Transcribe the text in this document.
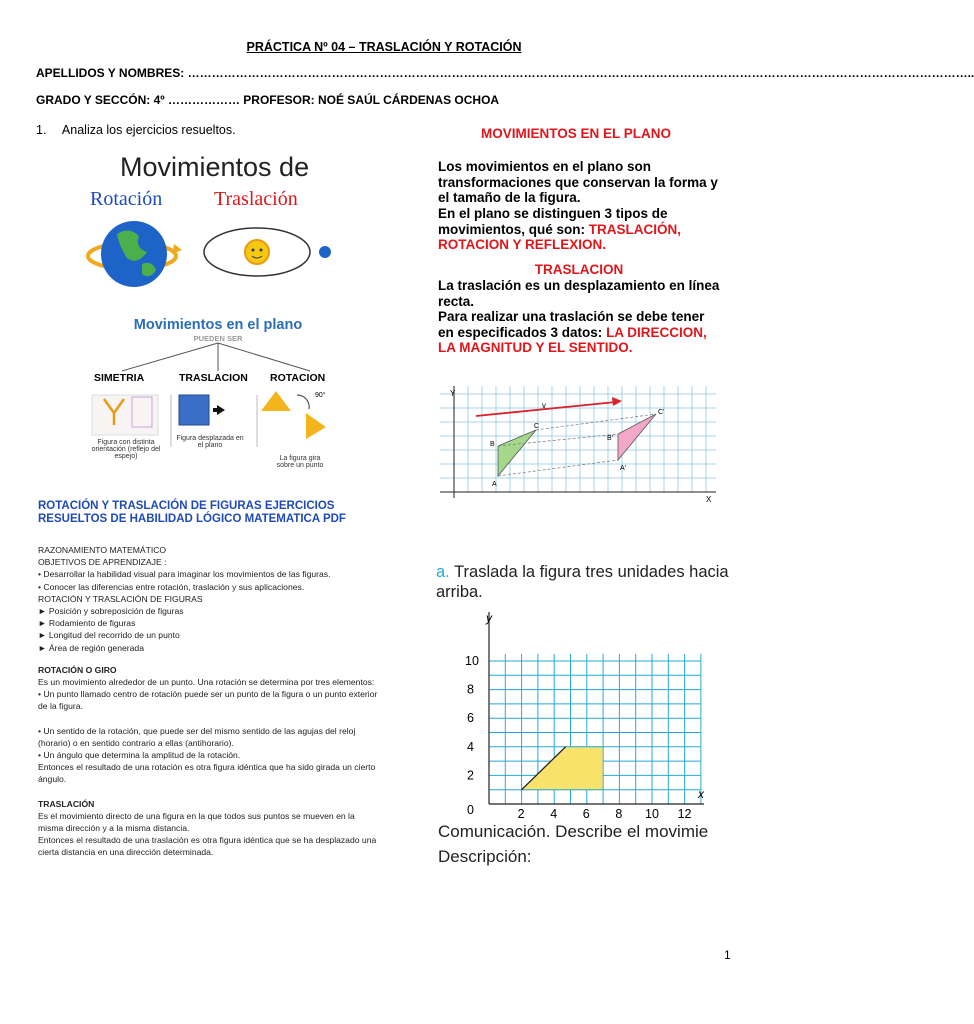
PRÁCTICA Nº 04 – TRASLACIÓN Y ROTACIÓN
APELLIDOS Y NOMBRES: ……………………………………………………………………………………………………………………………………………………………………………..
GRADO Y SECCÓN: 4º ……………… PROFESOR: NOÉ SAÚL CÁRDENAS OCHOA
1. Analiza los ejercicios resueltos.
Movimientos de
Rotación	Traslación
Movimientos en el plano
PUEDEN SER
SIMETRIA	TRASLACION ROTACION
90°
Figura con distinta orientación (reflejo del espejo)
Figura desplazada en el plano
La figura gira sobre un punto
MOVIMIENTOS EN EL PLANO
Los movimientos en el plano son transformaciones que conservan la forma y el tamaño de la figura.
En el plano se distinguen 3 tipos de movimientos, qué son: TRASLACIÓN, ROTACION Y REFLEXION.
TRASLACION
La traslación es un desplazamiento en línea recta.
Para realizar una traslación se debe tener en especificados 3 datos: LA DIRECCION, LA MAGNITUD Y EL SENTIDO.
Y
X
v
A
B
C
A'
B'
C'
ROTACIÓN Y TRASLACIÓN DE FIGURAS EJERCICIOS RESUELTOS DE HABILIDAD LÓGICO MATEMATICA PDF
RAZONAMIENTO MATEMÁTICO
OBJETIVOS DE APRENDIZAJE :
• Desarrollar la habilidad visual para imaginar los movimientos de las figuras.
• Conocer las diferencias entre rotación, traslación y sus aplicaciones.
ROTACIÓN Y TRASLACIÓN DE FIGURAS
► Posición y sobreposición de figuras
► Rodamiento de figuras
► Longitud del recorrido de un punto
► Área de región generada
ROTACIÓN O GIRO
Es un movimiento alrededor de un punto. Una rotación se determina por tres elementos:
• Un punto llamado centro de rotación puede ser un punto de la figura o un punto exterior
de la figura.
• Un sentido de la rotación, que puede ser del mismo sentido de las agujas del reloj
(horario) o en sentido contrario a ellas (antihorario).
• Un ángulo que determina la amplitud de la rotación.
Entonces el resultado de una rotación es otra figura idéntica que ha sido girada un cierto
ángulo.
TRASLACIÓN
Es el movimiento directo de una figura en la que todos sus puntos se mueven en la
misma dirección y a la misma distancia.
Entonces el resultado de una traslación es otra figura idéntica que se ha desplazado una
cierta distancia en una dirección determinada.
a. Traslada la figura tres unidades hacia arriba.
y
x
10
8
6
4
2
0	2 4 6 8 10 12
Comunicación. Describe el movimie
Descripción:
1
